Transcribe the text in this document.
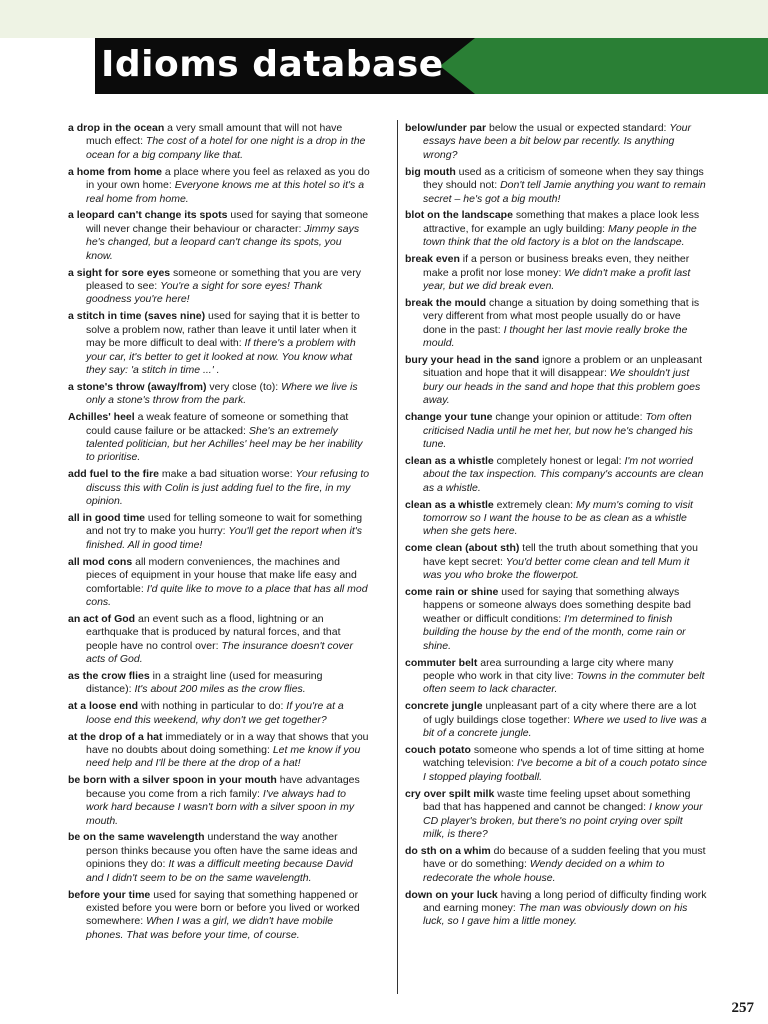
Idioms database

a drop in the ocean a very small amount that will not have much effect: The cost of a hotel for one night is a drop in the ocean for a big company like that.

a home from home a place where you feel as relaxed as you do in your own home: Everyone knows me at this hotel so it's a real home from home.

a leopard can't change its spots used for saying that someone will never change their behaviour or character: Jimmy says he's changed, but a leopard can't change its spots, you know.

a sight for sore eyes someone or something that you are very pleased to see: You're a sight for sore eyes! Thank goodness you're here!

a stitch in time (saves nine) used for saying that it is better to solve a problem now, rather than leave it until later when it may be more difficult to deal with: If there's a problem with your car, it's better to get it looked at now. You know what they say: 'a stitch in time ...' .

a stone's throw (away/from) very close (to): Where we live is only a stone's throw from the park.

Achilles' heel a weak feature of someone or something that could cause failure or be attacked: She's an extremely talented politician, but her Achilles' heel may be her inability to prioritise.

add fuel to the fire make a bad situation worse: Your refusing to discuss this with Colin is just adding fuel to the fire, in my opinion.

all in good time used for telling someone to wait for something and not try to make you hurry: You'll get the report when it's finished. All in good time!

all mod cons all modern conveniences, the machines and pieces of equipment in your house that make life easy and comfortable: I'd quite like to move to a place that has all mod cons.

an act of God an event such as a flood, lightning or an earthquake that is produced by natural forces, and that people have no control over: The insurance doesn't cover acts of God.

as the crow flies in a straight line (used for measuring distance): It's about 200 miles as the crow flies.

at a loose end with nothing in particular to do: If you're at a loose end this weekend, why don't we get together?

at the drop of a hat immediately or in a way that shows that you have no doubts about doing something: Let me know if you need help and I'll be there at the drop of a hat!

be born with a silver spoon in your mouth have advantages because you come from a rich family: I've always had to work hard because I wasn't born with a silver spoon in my mouth.

be on the same wavelength understand the way another person thinks because you often have the same ideas and opinions they do: It was a difficult meeting because David and I didn't seem to be on the same wavelength.

before your time used for saying that something happened or existed before you were born or before you lived or worked somewhere: When I was a girl, we didn't have mobile phones. That was before your time, of course.

below/under par below the usual or expected standard: Your essays have been a bit below par recently. Is anything wrong?

big mouth used as a criticism of someone when they say things they should not: Don't tell Jamie anything you want to remain secret – he's got a big mouth!

blot on the landscape something that makes a place look less attractive, for example an ugly building: Many people in the town think that the old factory is a blot on the landscape.

break even if a person or business breaks even, they neither make a profit nor lose money: We didn't make a profit last year, but we did break even.

break the mould change a situation by doing something that is very different from what most people usually do or have done in the past: I thought her last movie really broke the mould.

bury your head in the sand ignore a problem or an unpleasant situation and hope that it will disappear: We shouldn't just bury our heads in the sand and hope that this problem goes away.

change your tune change your opinion or attitude: Tom often criticised Nadia until he met her, but now he's changed his tune.

clean as a whistle completely honest or legal: I'm not worried about the tax inspection. This company's accounts are clean as a whistle.

clean as a whistle extremely clean: My mum's coming to visit tomorrow so I want the house to be as clean as a whistle when she gets here.

come clean (about sth) tell the truth about something that you have kept secret: You'd better come clean and tell Mum it was you who broke the flowerpot.

come rain or shine used for saying that something always happens or someone always does something despite bad weather or difficult conditions: I'm determined to finish building the house by the end of the month, come rain or shine.

commuter belt area surrounding a large city where many people who work in that city live: Towns in the commuter belt often seem to lack character.

concrete jungle unpleasant part of a city where there are a lot of ugly buildings close together: Where we used to live was a bit of a concrete jungle.

couch potato someone who spends a lot of time sitting at home watching television: I've become a bit of a couch potato since I stopped playing football.

cry over spilt milk waste time feeling upset about something bad that has happened and cannot be changed: I know your CD player's broken, but there's no point crying over spilt milk, is there?

do sth on a whim do because of a sudden feeling that you must have or do something: Wendy decided on a whim to redecorate the whole house.

down on your luck having a long period of difficulty finding work and earning money: The man was obviously down on his luck, so I gave him a little money.

257
